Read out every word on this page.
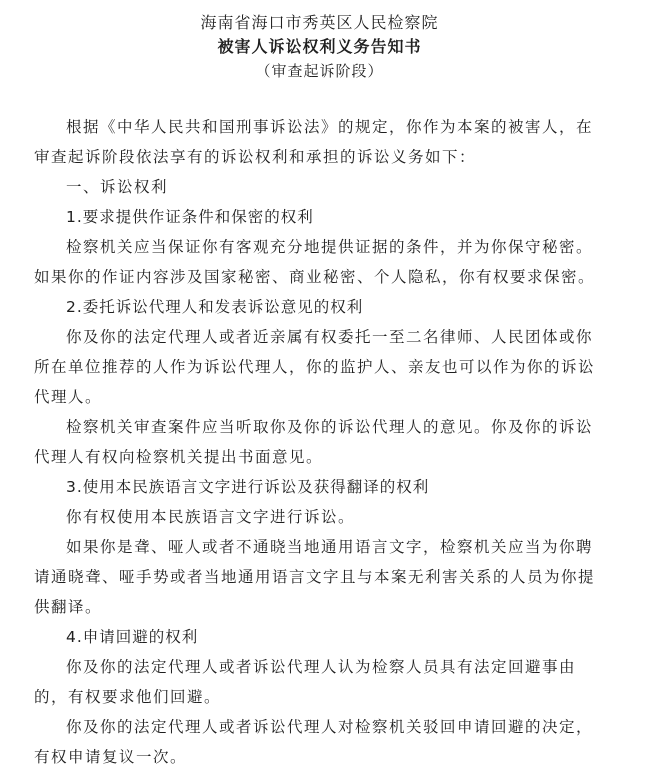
海南省海口市秀英区人民检察院
被害人诉讼权利义务告知书
（审查起诉阶段）

根据《中华人民共和国刑事诉讼法》的规定，你作为本案的被害人，在
审查起诉阶段依法享有的诉讼权利和承担的诉讼义务如下：

一、诉讼权利
1.要求提供作证条件和保密的权利

检察机关应当保证你有客观充分地提供证据的条件，并为你保守秘密。
如果你的作证内容涉及国家秘密、商业秘密、个人隐私，你有权要求保密。

2.委托诉讼代理人和发表诉讼意见的权利

你及你的法定代理人或者近亲属有权委托一至二名律师、人民团体或你
所在单位推荐的人作为诉讼代理人，你的监护人、亲友也可以作为你的诉讼
代理人。

检察机关审查案件应当听取你及你的诉讼代理人的意见。你及你的诉讼
代理人有权向检察机关提出书面意见。

3.使用本民族语言文字进行诉讼及获得翻译的权利

你有权使用本民族语言文字进行诉讼。

如果你是聋、哑人或者不通晓当地通用语言文字，检察机关应当为你聘
请通晓聋、哑手势或者当地通用语言文字且与本案无利害关系的人员为你提
供翻译。

4.申请回避的权利

你及你的法定代理人或者诉讼代理人认为检察人员具有法定回避事由
的，有权要求他们回避。

你及你的法定代理人或者诉讼代理人对检察机关驳回申请回避的决定，
有权申请复议一次。
